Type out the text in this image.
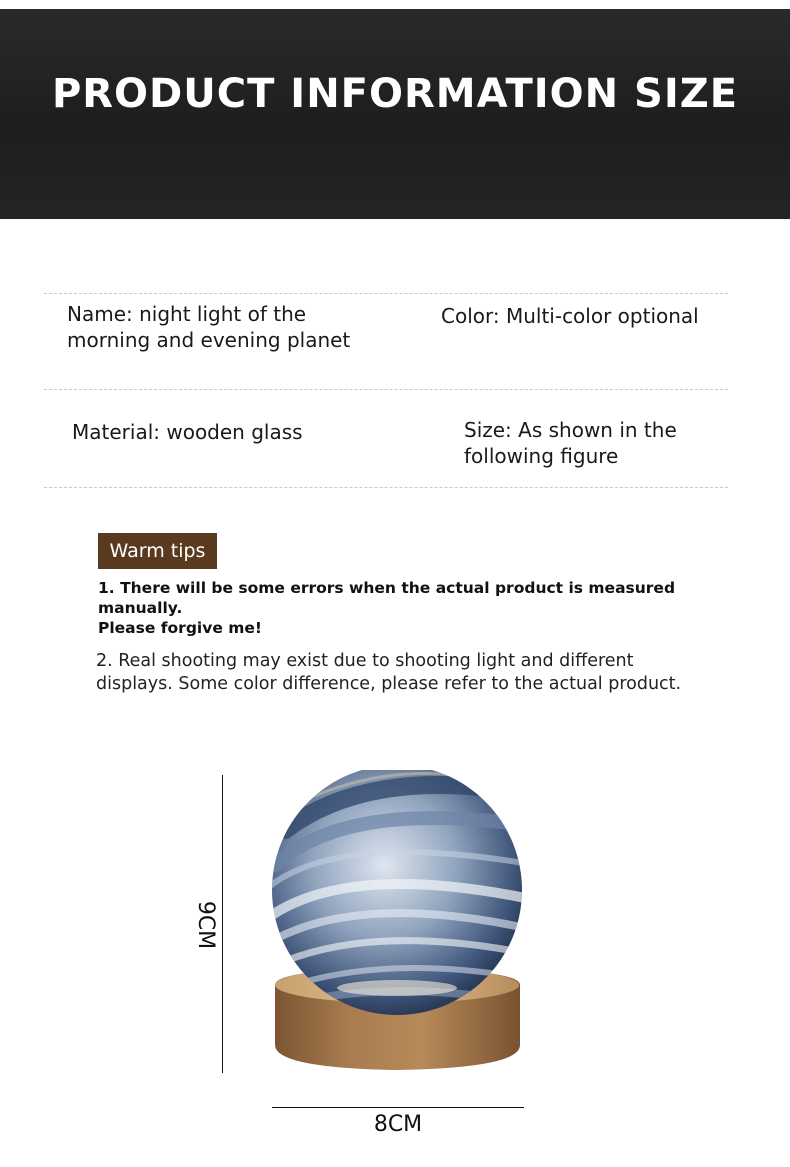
PRODUCT INFORMATION SIZE
Name: night light of the
morning and evening planet
Color: Multi-color optional
Material: wooden glass	Size: As shown in the
following figure
Warm tips
1. There will be some errors when the actual product is measured manually.
Please forgive me!
2. Real shooting may exist due to shooting light and different
displays. Some color difference, please refer to the actual product.
9CM
8CM
